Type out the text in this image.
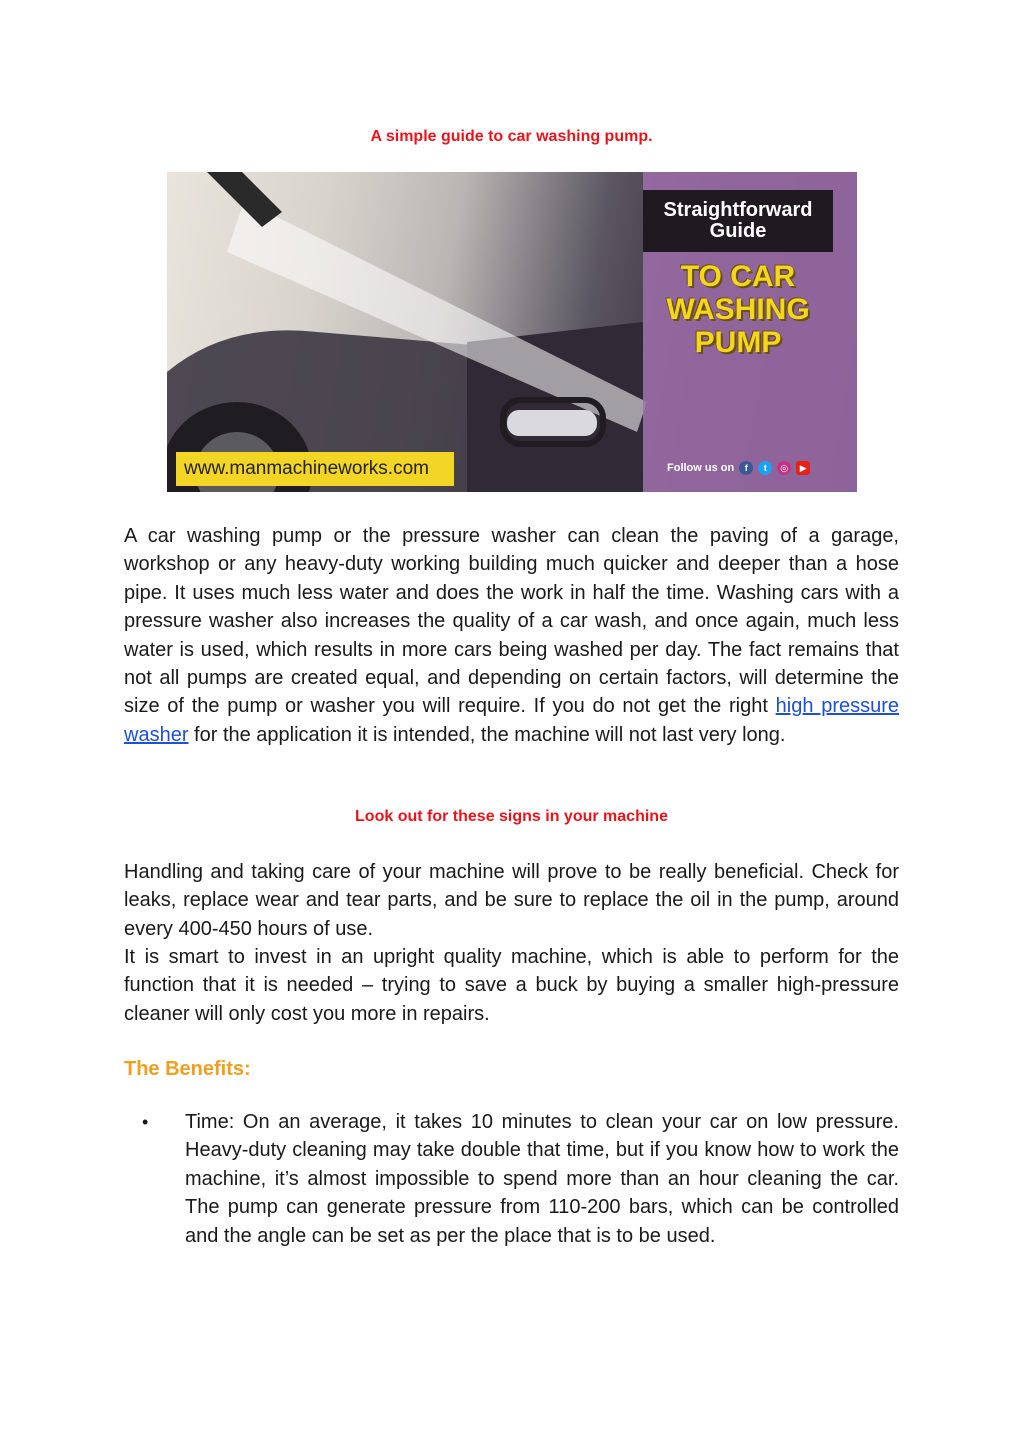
A simple guide to car washing pump.
Straightforward Guide
TO CAR
WASHING
PUMP
www.manmachineworks.com	Follow us on	f	t	◎	▶

A car washing pump or the pressure washer can clean the paving of a garage, workshop or any heavy-duty working building much quicker and deeper than a hose pipe. It uses much less water and does the work in half the time. Washing cars with a pressure washer also increases the quality of a car wash, and once again, much less water is used, which results in more cars being washed per day. The fact remains that not all pumps are created equal, and depending on certain factors, will determine the size of the pump or washer you will require. If you do not get the right high pressure washer for the application it is intended, the machine will not last very long.

Look out for these signs in your machine

Handling and taking care of your machine will prove to be really beneficial. Check for leaks, replace wear and tear parts, and be sure to replace the oil in the pump, around every 400-450 hours of use.

It is smart to invest in an upright quality machine, which is able to perform for the function that it is needed – trying to save a buck by buying a smaller high-pressure cleaner will only cost you more in repairs.

The Benefits:
• Time: On an average, it takes 10 minutes to clean your car on low pressure. Heavy-duty cleaning may take double that time, but if you know how to work the machine, it’s almost impossible to spend more than an hour cleaning the car. The pump can generate pressure from 110-200 bars, which can be controlled and the angle can be set as per the place that is to be used.
